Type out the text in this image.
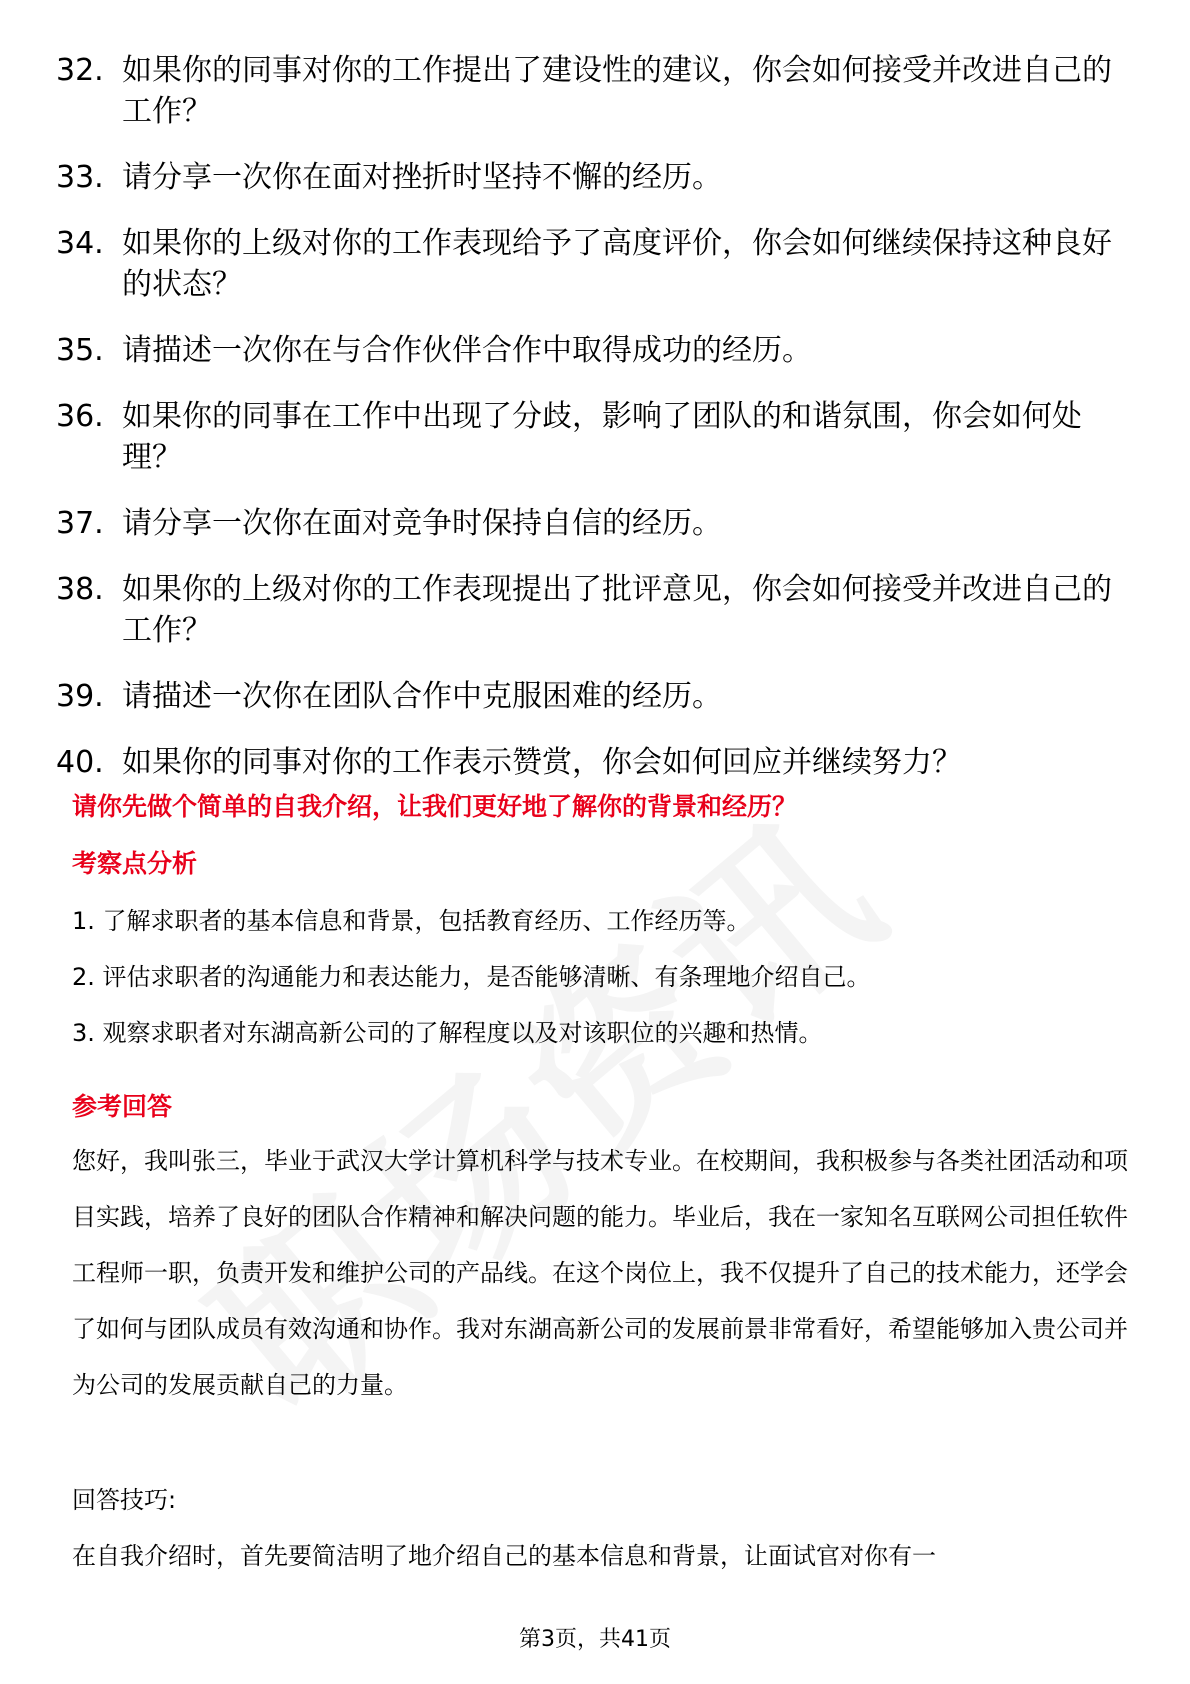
32. 如果你的同事对你的工作提出了建设性的建议，你会如何接受并改进自己的工作？
33. 请分享一次你在面对挫折时坚持不懈的经历。
34. 如果你的上级对你的工作表现给予了高度评价，你会如何继续保持这种良好的状态？
35. 请描述一次你在与合作伙伴合作中取得成功的经历。
36. 如果你的同事在工作中出现了分歧，影响了团队的和谐氛围，你会如何处理？
37. 请分享一次你在面对竞争时保持自信的经历。
38. 如果你的上级对你的工作表现提出了批评意见，你会如何接受并改进自己的工作？
39. 请描述一次你在团队合作中克服困难的经历。
40. 如果你的同事对你的工作表示赞赏，你会如何回应并继续努力？
请你先做个简单的自我介绍，让我们更好地了解你的背景和经历？
考察点分析
1. 了解求职者的基本信息和背景，包括教育经历、工作经历等。
2. 评估求职者的沟通能力和表达能力，是否能够清晰、有条理地介绍自己。
3. 观察求职者对东湖高新公司的了解程度以及对该职位的兴趣和热情。
参考回答
您好，我叫张三，毕业于武汉大学计算机科学与技术专业。在校期间，我积极参与各类社团活动和项目实践，培养了良好的团队合作精神和解决问题的能力。毕业后，我在一家知名互联网公司担任软件工程师一职，负责开发和维护公司的产品线。在这个岗位上，我不仅提升了自己的技术能力，还学会了如何与团队成员有效沟通和协作。我对东湖高新公司的发展前景非常看好，希望能够加入贵公司并为公司的发展贡献自己的力量。
回答技巧:
在自我介绍时，首先要简洁明了地介绍自己的基本信息和背景，让面试官对你有一
第3页，共41页
